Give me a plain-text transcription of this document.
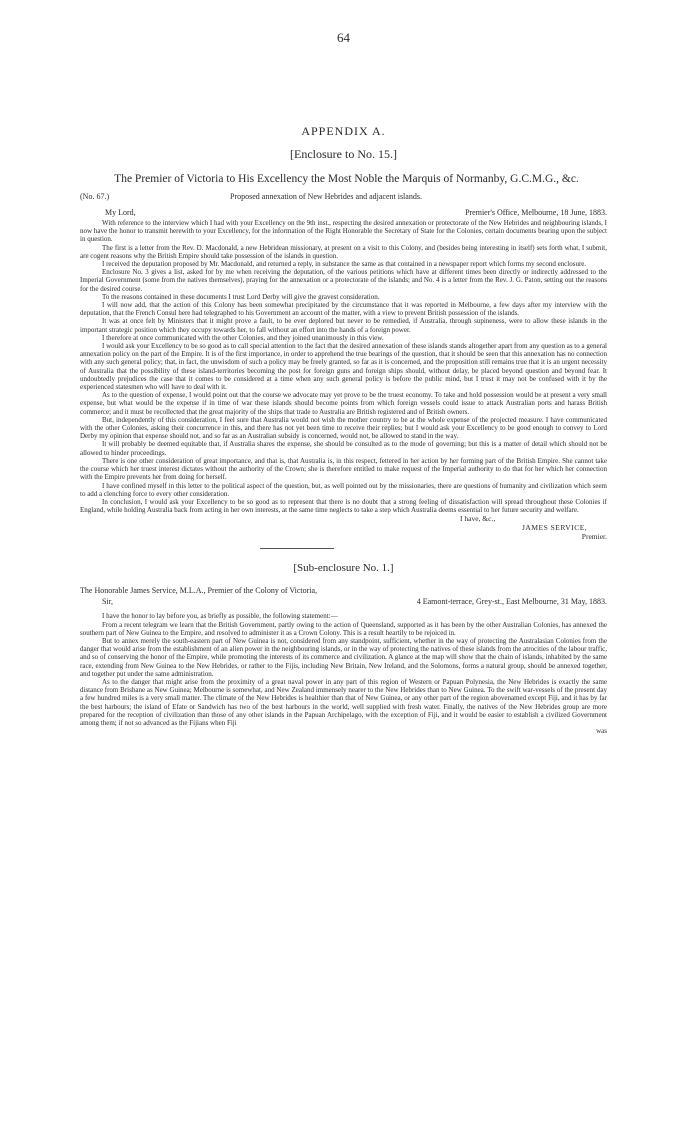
64
APPENDIX A.
[Enclosure to No. 15.]
The Premier of Victoria to His Excellency the Most Noble the Marquis of Normanby, G.C.M.G., &c.
(No. 67.)	Proposed annexation of New Hebrides and adjacent islands.
My Lord,	Premier's Office, Melbourne, 18 June, 1883.

With reference to the interview which I had with your Excellency on the 9th inst., respecting the desired annexation or protectorate of the New Hebrides and neighbouring islands, I now have the honor to transmit herewith to your Excellency, for the information of the Right Honorable the Secretary of State for the Colonies, certain documents bearing upon the subject in question.

The first is a letter from the Rev. D. Macdonald, a new Hebridean missionary, at present on a visit to this Colony, and (besides being interesting in itself) sets forth what, I submit, are cogent reasons why the British Empire should take possession of the islands in question.

I received the deputation proposed by Mr. Macdonald, and returned a reply, in substance the same as that contained in a newspaper report which forms my second enclosure.

Enclosure No. 3 gives a list, asked for by me when receiving the deputation, of the various petitions which have at different times been directly or indirectly addressed to the Imperial Government (some from the natives themselves), praying for the annexation or a protectorate of the islands; and No. 4 is a letter from the Rev. J. G. Paton, setting out the reasons for the desired course.

To the reasons contained in these documents I trust Lord Derby will give the gravest consideration.

I will now add, that the action of this Colony has been somewhat precipitated by the circumstance that it was reported in Melbourne, a few days after my interview with the deputation, that the French Consul here had telegraphed to his Government an account of the matter, with a view to prevent British possession of the islands.

It was at once felt by Ministers that it might prove a fault, to be ever deplored but never to be remedied, if Australia, through supineness, were to allow these islands in the important strategic position which they occupy towards her, to fall without an effort into the hands of a foreign power.

I therefore at once communicated with the other Colonies, and they joined unanimously in this view.

I would ask your Excellency to be so good as to call special attention to the fact that the desired annexation of these islands stands altogether apart from any question as to a general annexation policy on the part of the Empire. It is of the first importance, in order to apprehend the true bearings of the question, that it should be seen that this annexation has no connection with any such general policy; that, in fact, the unwisdom of such a policy may be freely granted, so far as it is concerned, and the proposition still remains true that it is an urgent necessity of Australia that the possibility of these island-territories becoming the post for foreign guns and foreign ships should, without delay, be placed beyond question and beyond fear. It undoubtedly prejudices the case that it comes to be considered at a time when any such general policy is before the public mind, but I trust it may not be confused with it by the experienced statesmen who will have to deal with it.

As to the question of expense, I would point out that the course we advocate may yet prove to be the truest economy. To take and hold possession would be at present a very small expense, but what would be the expense if in time of war these islands should become points from which foreign vessels could issue to attack Australian ports and harass British commerce; and it must be recollected that the great majority of the ships that trade to Australia are British registered and of British owners.

But, independently of this consideration, I feel sure that Australia would not wish the mother country to be at the whole expense of the projected measure. I have communicated with the other Colonies, asking their concurrence in this, and there has not yet been time to receive their replies; but I would ask your Excellency to be good enough to convey to Lord Derby my opinion that expense should not, and so far as an Australian subsidy is concerned, would not, be allowed to stand in the way.

It will probably be deemed equitable that, if Australia shares the expense, she should be consulted as to the mode of governing; but this is a matter of detail which should not be allowed to hinder proceedings.

There is one other consideration of great importance, and that is, that Australia is, in this respect, fettered in her action by her forming part of the British Empire. She cannot take the course which her truest interest dictates without the authority of the Crown; she is therefore entitled to make request of the Imperial authority to do that for her which her connection with the Empire prevents her from doing for herself.

I have confined myself in this letter to the political aspect of the question, but, as well pointed out by the missionaries, there are questions of humanity and civilization which seem to add a clenching force to every other consideration.

In conclusion, I would ask your Excellency to be so good as to represent that there is no doubt that a strong feeling of dissatisfaction will spread throughout these Colonies if England, while holding Australia back from acting in her own interests, at the same time neglects to take a step which Australia deems essential to her future security and welfare.

I have, &c.,
JAMES SERVICE,
Premier.
[Sub-enclosure No. 1.]
The Honorable James Service, M.L.A., Premier of the Colony of Victoria,
Sir,	4 Eamont-terrace, Grey-st., East Melbourne, 31 May, 1883.

I have the honor to lay before you, as briefly as possible, the following statement:—

From a recent telegram we learn that the British Government, partly owing to the action of Queensland, supported as it has been by the other Australian Colonies, has annexed the southern part of New Guinea to the Empire, and resolved to administer it as a Crown Colony. This is a result heartily to be rejoiced in.

But to annex merely the south-eastern part of New Guinea is not, considered from any standpoint, sufficient, whether in the way of protecting the Australasian Colonies from the danger that would arise from the establishment of an alien power in the neighbouring islands, or in the way of protecting the natives of these islands from the atrocities of the labour traffic, and so of conserving the honor of the Empire, while promoting the interests of its commerce and civilization. A glance at the map will show that the chain of islands, inhabited by the same race, extending from New Guinea to the New Hebrides, or rather to the Fijis, including New Britain, New Ireland, and the Solomons, forms a natural group, should be annexed together, and together put under the same administration.

As to the danger that might arise from the proximity of a great naval power in any part of this region of Western or Papuan Polynesia, the New Hebrides is exactly the same distance from Brisbane as New Guinea; Melbourne is somewhat, and New Zealand immensely nearer to the New Hebrides than to New Guinea. To the swift war-vessels of the present day a few hundred miles is a very small matter. The climate of the New Hebrides is healthier than that of New Guinea, or any other part of the region abovenamed except Fiji, and it has by far the best harbours; the island of Efate or Sandwich has two of the best harbours in the world, well supplied with fresh water. Finally, the natives of the New Hebrides group are more prepared for the reception of civilization than those of any other islands in the Papuan Archipelago, with the exception of Fiji, and it would be easier to establish a civilized Government among them; if not so advanced as the Fijians when Fiji

was
